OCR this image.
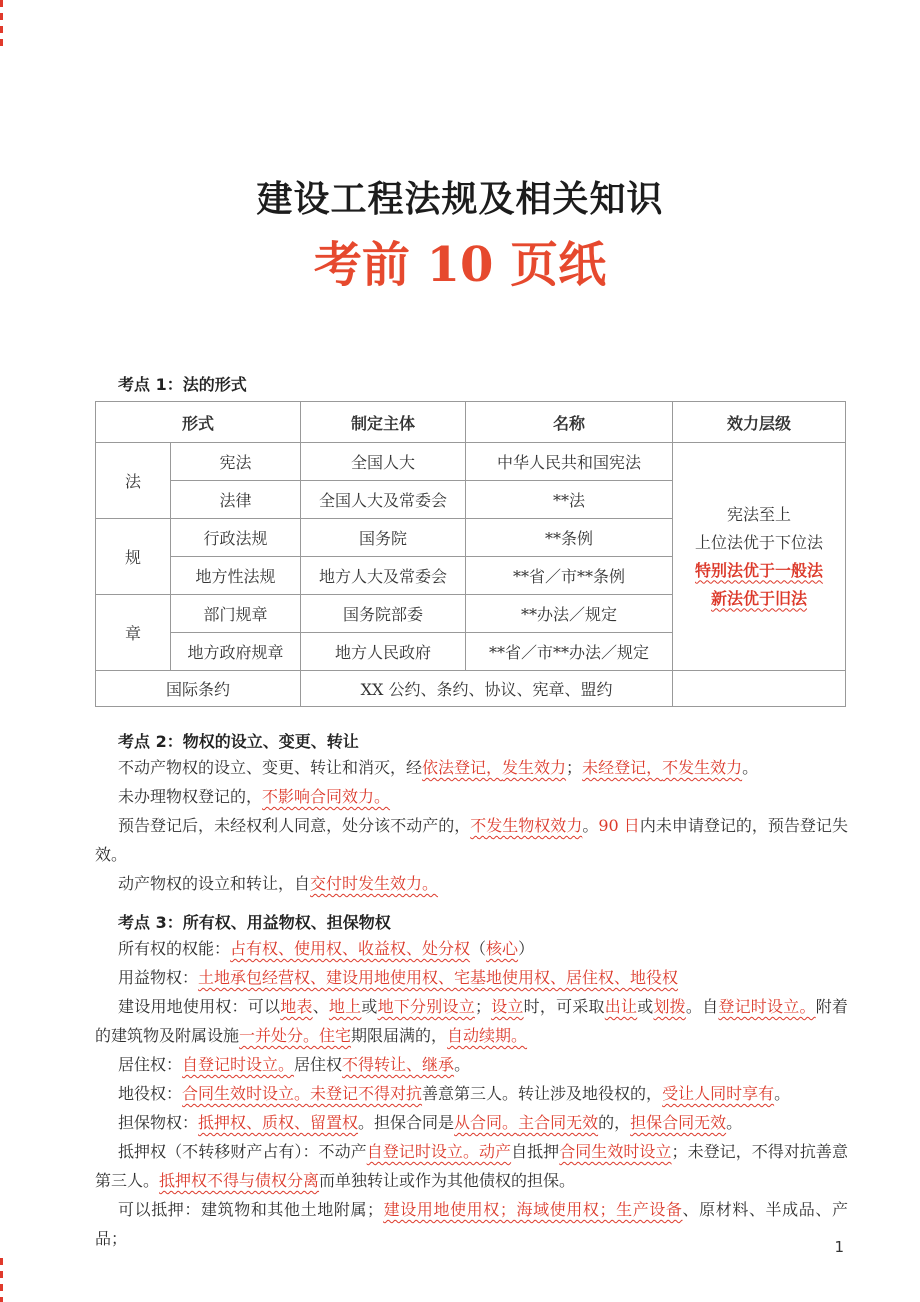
建设工程法规及相关知识
考前 10 页纸
考点 1：法的形式
形式		制定主体	名称	效力层级
法	宪法	全国人大	中华人民共和国宪法	宪法至上
上位法优于下位法
特别法优于一般法
新法优于旧法

	法律	全国人大及常委会	**法	
规	行政法规	国务院	**条例	
	地方性法规	地方人大及常委会	**省／市**条例	
章	部门规章	国务院部委	**办法／规定	
	地方政府规章	地方人民政府	**省／市**办法／规定	
国际条约		XX 公约、条约、协议、宪章、盟约		
考点 2：物权的设立、变更、转让

不动产物权的设立、变更、转让和消灭，经依法登记，发生效力；未经登记，不发生效力。

未办理物权登记的，不影响合同效力。

预告登记后，未经权利人同意，处分该不动产的，不发生物权效力。90 日内未申请登记的，预告登记失效。

动产物权的设立和转让，自交付时发生效力。

考点 3：所有权、用益物权、担保物权

所有权的权能：占有权、使用权、收益权、处分权（核心）

用益物权：土地承包经营权、建设用地使用权、宅基地使用权、居住权、地役权

建设用地使用权：可以地表、地上或地下分别设立；设立时，可采取出让或划拨。自登记时设立。附着的建筑物及附属设施一并处分。住宅期限届满的，自动续期。

居住权：自登记时设立。居住权不得转让、继承。

地役权：合同生效时设立。未登记不得对抗善意第三人。转让涉及地役权的，受让人同时享有。

担保物权：抵押权、质权、留置权。担保合同是从合同。主合同无效的，担保合同无效。

抵押权（不转移财产占有）：不动产自登记时设立。动产自抵押合同生效时设立；未登记，不得对抗善意第三人。抵押权不得与债权分离而单独转让或作为其他债权的担保。

可以抵押：建筑物和其他土地附属；建设用地使用权；海域使用权；生产设备、原材料、半成品、产品；	1
